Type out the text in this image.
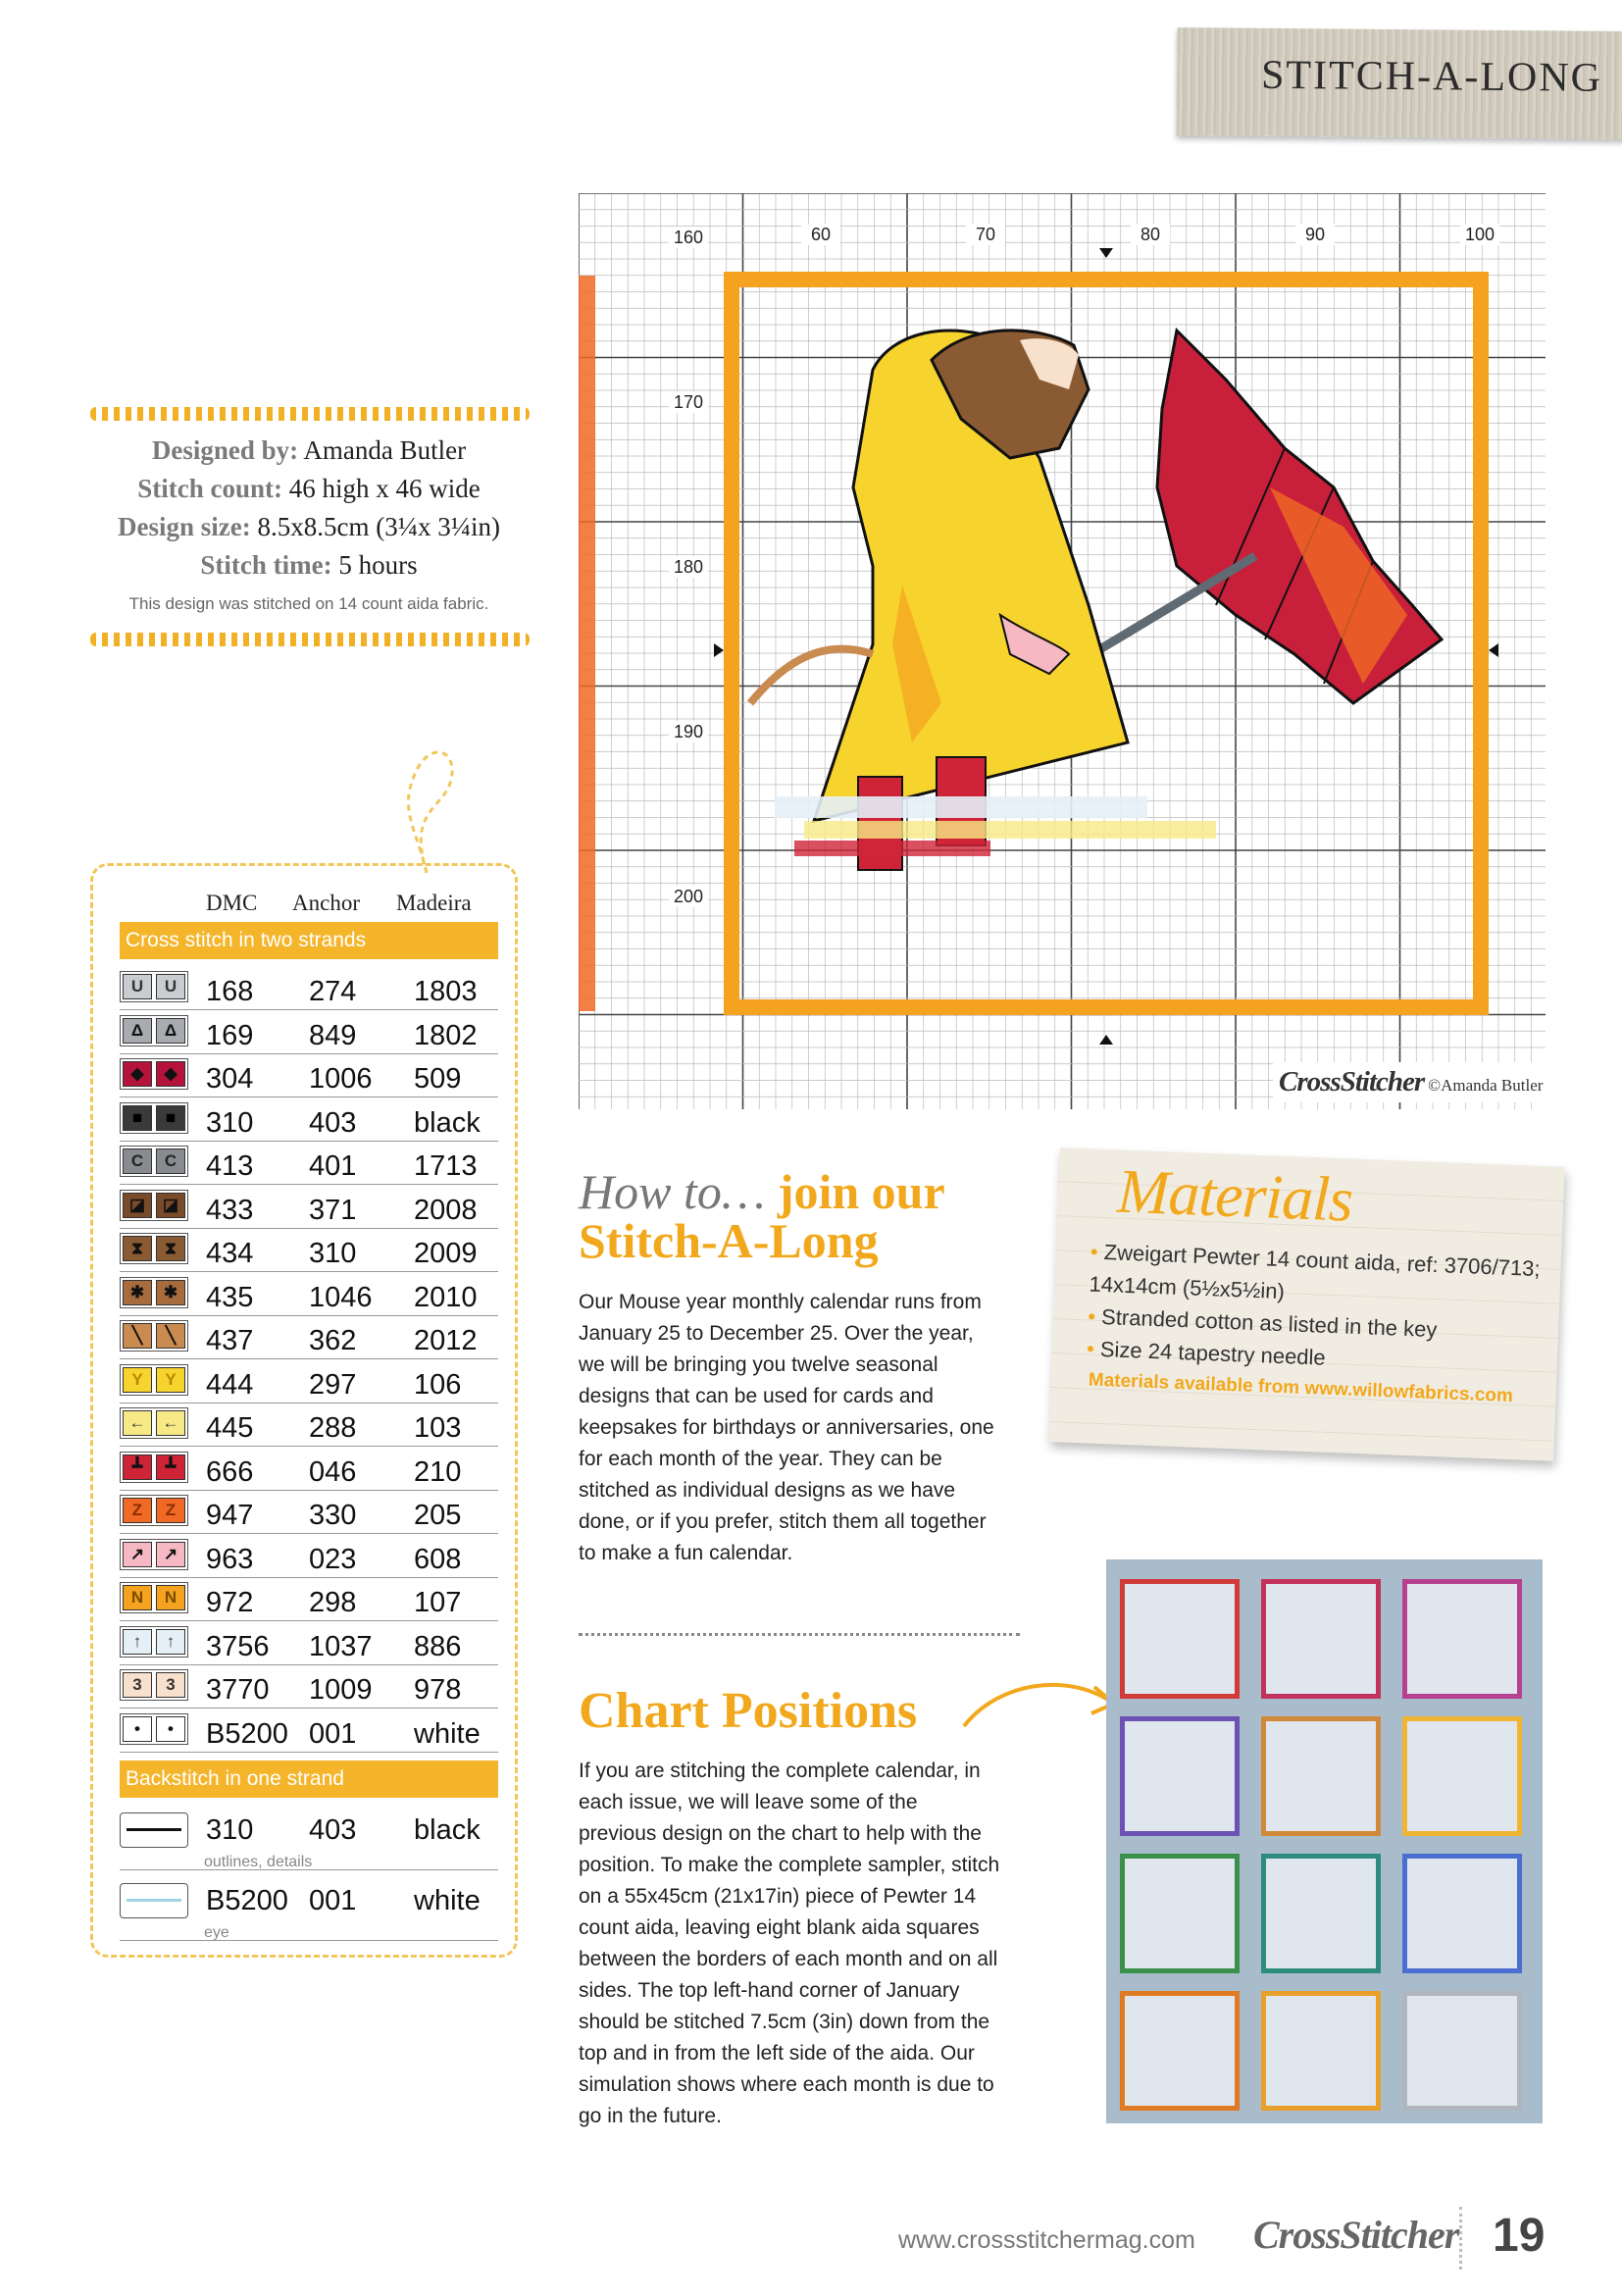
STITCH-A-LONG
Designed by: Amanda Butler
Stitch count: 46 high x 46 wide
Design size: 8.5x8.5cm (3¼x 3¼in)
Stitch time: 5 hours
This design was stitched on 14 count aida fabric.
DMC Anchor Madeira
Cross stitch in two strands
U	U	168 274 1803
Δ	Δ	169 849 1802
◆	◆ 304 1006 509
■	■	310 403 black
C	C	413 401 1713
◪	◪ 433 371 2008
⧗	⧗	434 310 2009
✱	✱ 435 1046 2010
╲	╲	437 362 2012
Y	Y	444 297 106
←	← 445 288 103
┻	┻	666 046 210
Z	Z	947 330 205
↗	↗ 963 023 608
N	N	972 298 107
↑	↑	3756 1037 886
3	3	3770 1009 978
•	•	B5200 001 white
Backstitch in one strand
310 403 black
outlines, details
B5200 001 white
eye
60	70	80	90	100
160
170
180
190
200
CrossStitcher ©Amanda Butler
How to… join our
Stitch-A-Long
Our Mouse year monthly calendar runs from January 25 to December 25. Over the year, we will be bringing you twelve seasonal designs that can be used for cards and keepsakes for birthdays or anniversaries, one for each month of the year. They can be stitched as individual designs as we have done, or if you prefer, stitch them all together to make a fun calendar.
Chart Positions
If you are stitching the complete calendar, in each issue, we will leave some of the previous design on the chart to help with the position. To make the complete sampler, stitch on a 55x45cm (21x17in) piece of Pewter 14 count aida, leaving eight blank aida squares between the borders of each month and on all sides. The top left-hand corner of January should be stitched 7.5cm (3in) down from the top and in from the left side of the aida. Our simulation shows where each month is due to go in the future.
Materials
• Zweigart Pewter 14 count aida, ref: 3706/713; 14x14cm (5½x5½in)
• Stranded cotton as listed in the key
• Size 24 tapestry needle
Materials available from www.willowfabrics.com
www.crossstitchermag.com CrossStitcher 19
